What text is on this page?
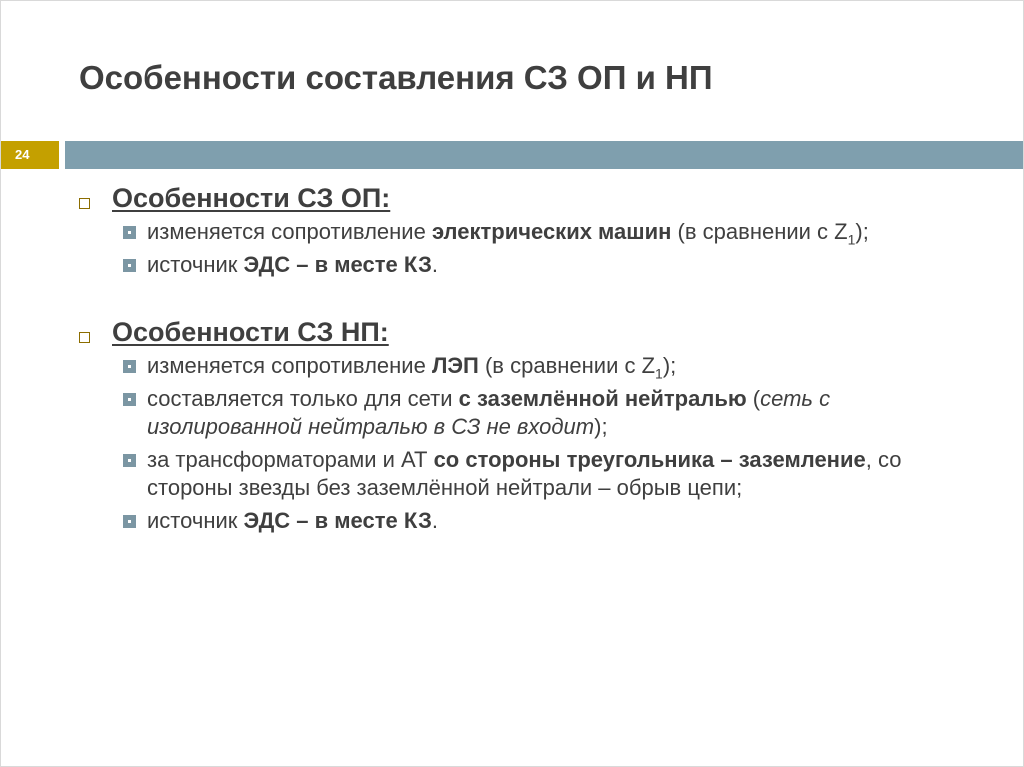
Особенности составления СЗ ОП и НП
24
Особенности СЗ ОП:
изменяется сопротивление электрических машин (в сравнении с $Z_1$);
источник ЭДС – в месте КЗ.
Особенности СЗ НП:
изменяется сопротивление ЛЭП (в сравнении с $Z_1$);
составляется только для сети с заземлённой нейтралью (сеть с изолированной нейтралью в СЗ не входит);
за трансформаторами и АТ со стороны треугольника – заземление, со стороны звезды без заземлённой нейтрали – обрыв цепи;
источник ЭДС – в месте КЗ.
